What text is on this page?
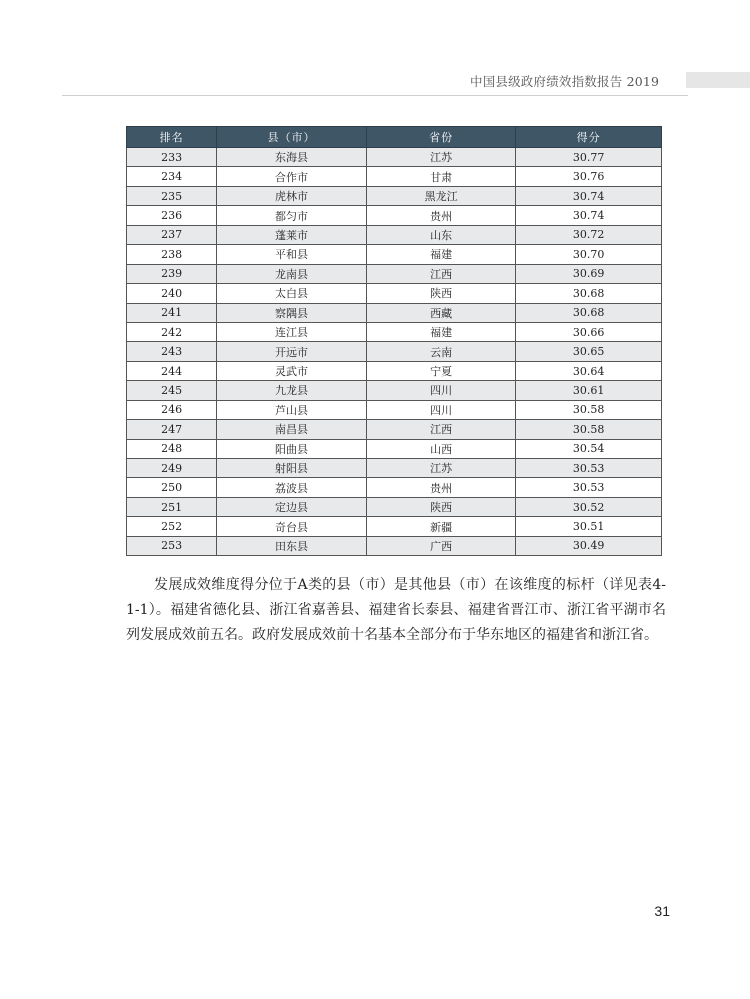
中国县级政府绩效指数报告 2019
排名	县（市）	省份	得分
233	东海县	江苏	30.77
234	合作市	甘肃	30.76
235	虎林市	黑龙江	30.74
236	都匀市	贵州	30.74
237	蓬莱市	山东	30.72
238	平和县	福建	30.70
239	龙南县	江西	30.69
240	太白县	陕西	30.68
241	察隅县	西藏	30.68
242	连江县	福建	30.66
243	开远市	云南	30.65
244	灵武市	宁夏	30.64
245	九龙县	四川	30.61
246	芦山县	四川	30.58
247	南昌县	江西	30.58
248	阳曲县	山西	30.54
249	射阳县	江苏	30.53
250	荔波县	贵州	30.53
251	定边县	陕西	30.52
252	奇台县	新疆	30.51
253	田东县	广西	30.49
发展成效维度得分位于A类的县（市）是其他县（市）在该维度的标杆（详见表4-1-1）。福建省德化县、浙江省嘉善县、福建省长泰县、福建省晋江市、浙江省平湖市名列发展成效前五名。政府发展成效前十名基本全部分布于华东地区的福建省和浙江省。
31
